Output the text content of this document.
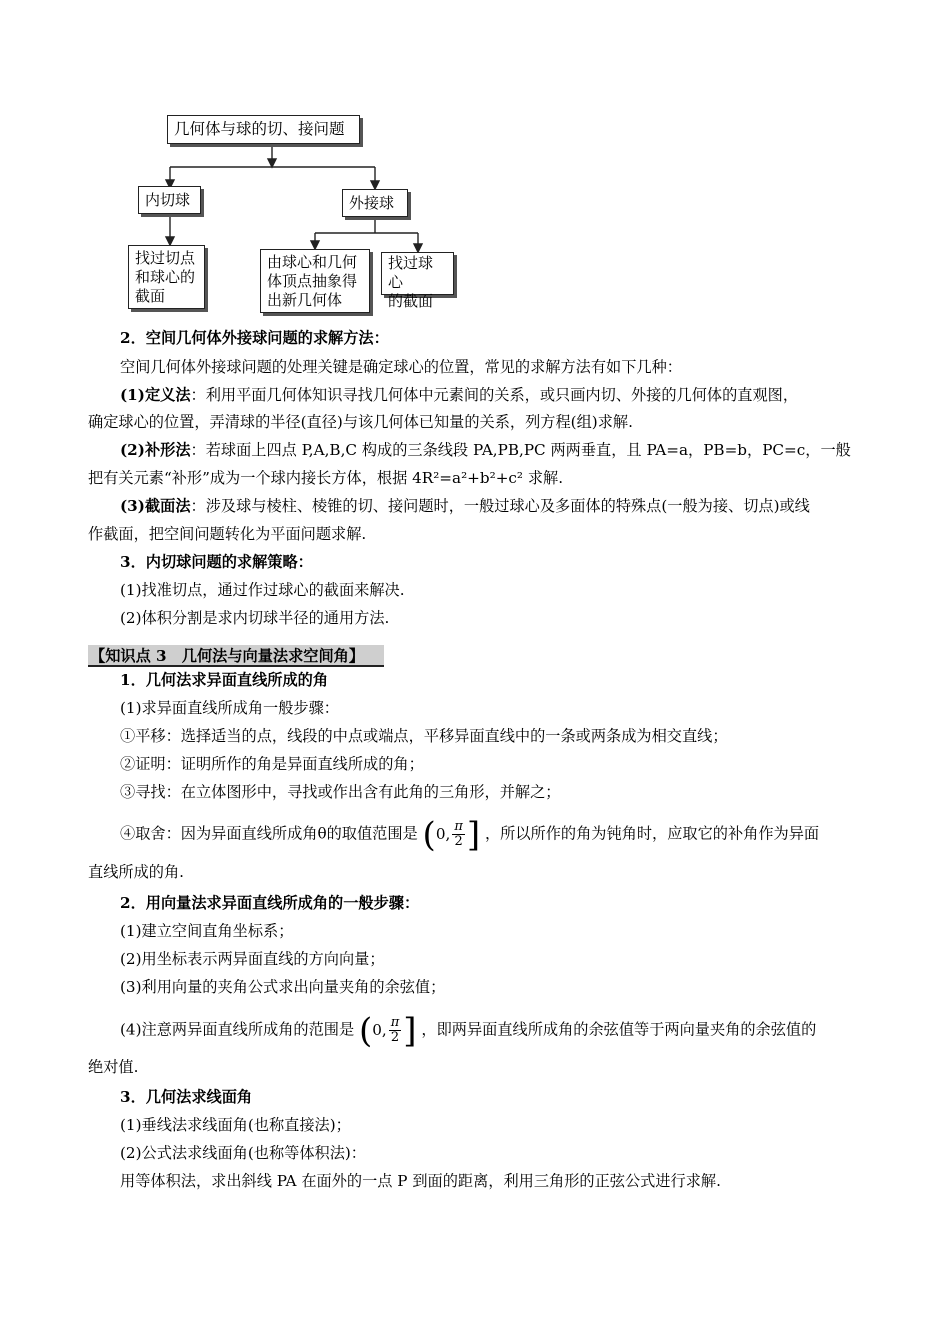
几何体与球的切、接问题
内切球	外接球
找过切点
和球心的
截面
由球心和几何
体顶点抽象得
出新几何体
找过球心
的截面
2．空间几何体外接球问题的求解方法：
空间几何体外接球问题的处理关键是确定球心的位置，常见的求解方法有如下几种：
(1)定义法：利用平面几何体知识寻找几何体中元素间的关系，或只画内切、外接的几何体的直观图，
确定球心的位置，弄清球的半径(直径)与该几何体已知量的关系，列方程(组)求解.
(2)补形法：若球面上四点 P,A,B,C 构成的三条线段 PA,PB,PC 两两垂直，且 PA=a，PB=b，PC=c，一般
把有关元素“补形”成为一个球内接长方体，根据 4R²=a²+b²+c² 求解.
(3)截面法：涉及球与棱柱、棱锥的切、接问题时，一般过球心及多面体的特殊点(一般为接、切点)或线
作截面，把空间问题转化为平面问题求解.
3．内切球问题的求解策略：
(1)找准切点，通过作过球心的截面来解决.
(2)体积分割是求内切球半径的通用方法.
【知识点 3　几何法与向量法求空间角】
1．几何法求异面直线所成的角
(1)求异面直线所成角一般步骤：
①平移：选择适当的点，线段的中点或端点，平移异面直线中的一条或两条成为相交直线；
②证明：证明所作的角是异面直线所成的角；
③寻找：在立体图形中，寻找或作出含有此角的三角形，并解之；
④取舍：因为异面直线所成角θ的取值范围是 (0, $\frac{\pi}{2}$ ] ，所以所作的角为钝角时，应取它的补角作为异面
直线所成的角.
2．用向量法求异面直线所成角的一般步骤：
(1)建立空间直角坐标系；
(2)用坐标表示两异面直线的方向向量；
(3)利用向量的夹角公式求出向量夹角的余弦值；
(4)注意两异面直线所成角的范围是 (0, $\frac{\pi}{2}$ ] ，即两异面直线所成角的余弦值等于两向量夹角的余弦值的
绝对值.
3．几何法求线面角
(1)垂线法求线面角(也称直接法)；
(2)公式法求线面角(也称等体积法)：
用等体积法，求出斜线 PA 在面外的一点 P 到面的距离，利用三角形的正弦公式进行求解.
